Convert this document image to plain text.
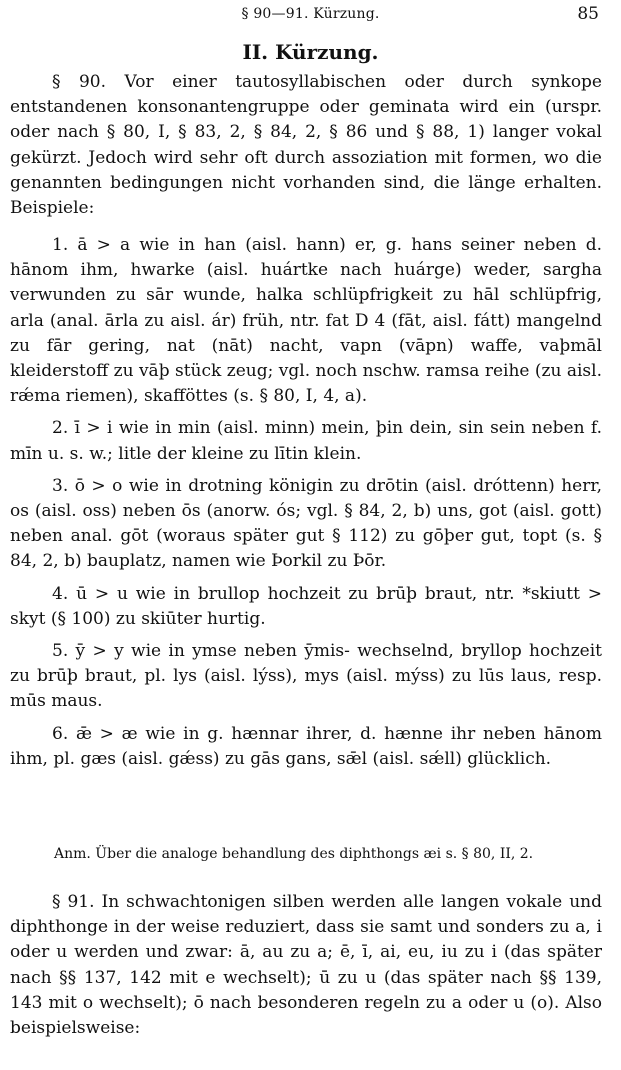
§ 90—91. Kürzung.	85
II. Kürzung.
§ 90. Vor einer tautosyllabischen oder durch synkope entstandenen konsonantengruppe oder geminata wird ein (urspr. oder nach § 80, I, § 83, 2, § 84, 2, § 86 und § 88, 1) langer vokal gekürzt. Jedoch wird sehr oft durch assoziation mit formen, wo die genannten bedingungen nicht vorhanden sind, die länge erhalten. Beispiele:
1. ā > a wie in han (aisl. hann) er, g. hans seiner neben d. hānom ihm, hwarke (aisl. huártke nach huárge) weder, sargha verwunden zu sār wunde, halka schlüpfrigkeit zu hāl schlüpfrig, arla (anal. ārla zu aisl. ár) früh, ntr. fat D 4 (fāt, aisl. fátt) mangelnd zu fār gering, nat (nāt) nacht, vapn (vāpn) waffe, vaþmāl kleiderstoff zu vāþ stück zeug; vgl. noch nschw. ramsa reihe (zu aisl. rǽma riemen), skafföttes (s. § 80, I, 4, a).
2. ī > i wie in min (aisl. minn) mein, þin dein, sin sein neben f. mīn u. s. w.; litle der kleine zu lītin klein.
3. ō > o wie in drotning königin zu drōtin (aisl. dróttenn) herr, os (aisl. oss) neben ōs (anorw. ós; vgl. § 84, 2, b) uns, got (aisl. gott) neben anal. gōt (woraus später gut § 112) zu gōþer gut, topt (s. § 84, 2, b) bauplatz, namen wie Þorkil zu Þōr.
4. ū > u wie in brullop hochzeit zu brūþ braut, ntr. *skiutt > skyt (§ 100) zu skiūter hurtig.
5. ȳ > y wie in ymse neben ȳmis- wechselnd, bryllop hochzeit zu brūþ braut, pl. lys (aisl. lýss), mys (aisl. mýss) zu lūs laus, resp. mūs maus.
6. ǣ > æ wie in g. hænnar ihrer, d. hænne ihr neben hānom ihm, pl. gæs (aisl. gǽss) zu gās gans, sǣl (aisl. sǽll) glücklich.
Anm. Über die analoge behandlung des diphthongs æi s. § 80, II, 2.
§ 91. In schwachtonigen silben werden alle langen vokale und diphthonge in der weise reduziert, dass sie samt und sonders zu a, i oder u werden und zwar: ā, au zu a; ē, ī, ai, eu, iu zu i (das später nach §§ 137, 142 mit e wechselt); ū zu u (das später nach §§ 139, 143 mit o wechselt); ō nach besonderen regeln zu a oder u (o). Also beispielsweise:
